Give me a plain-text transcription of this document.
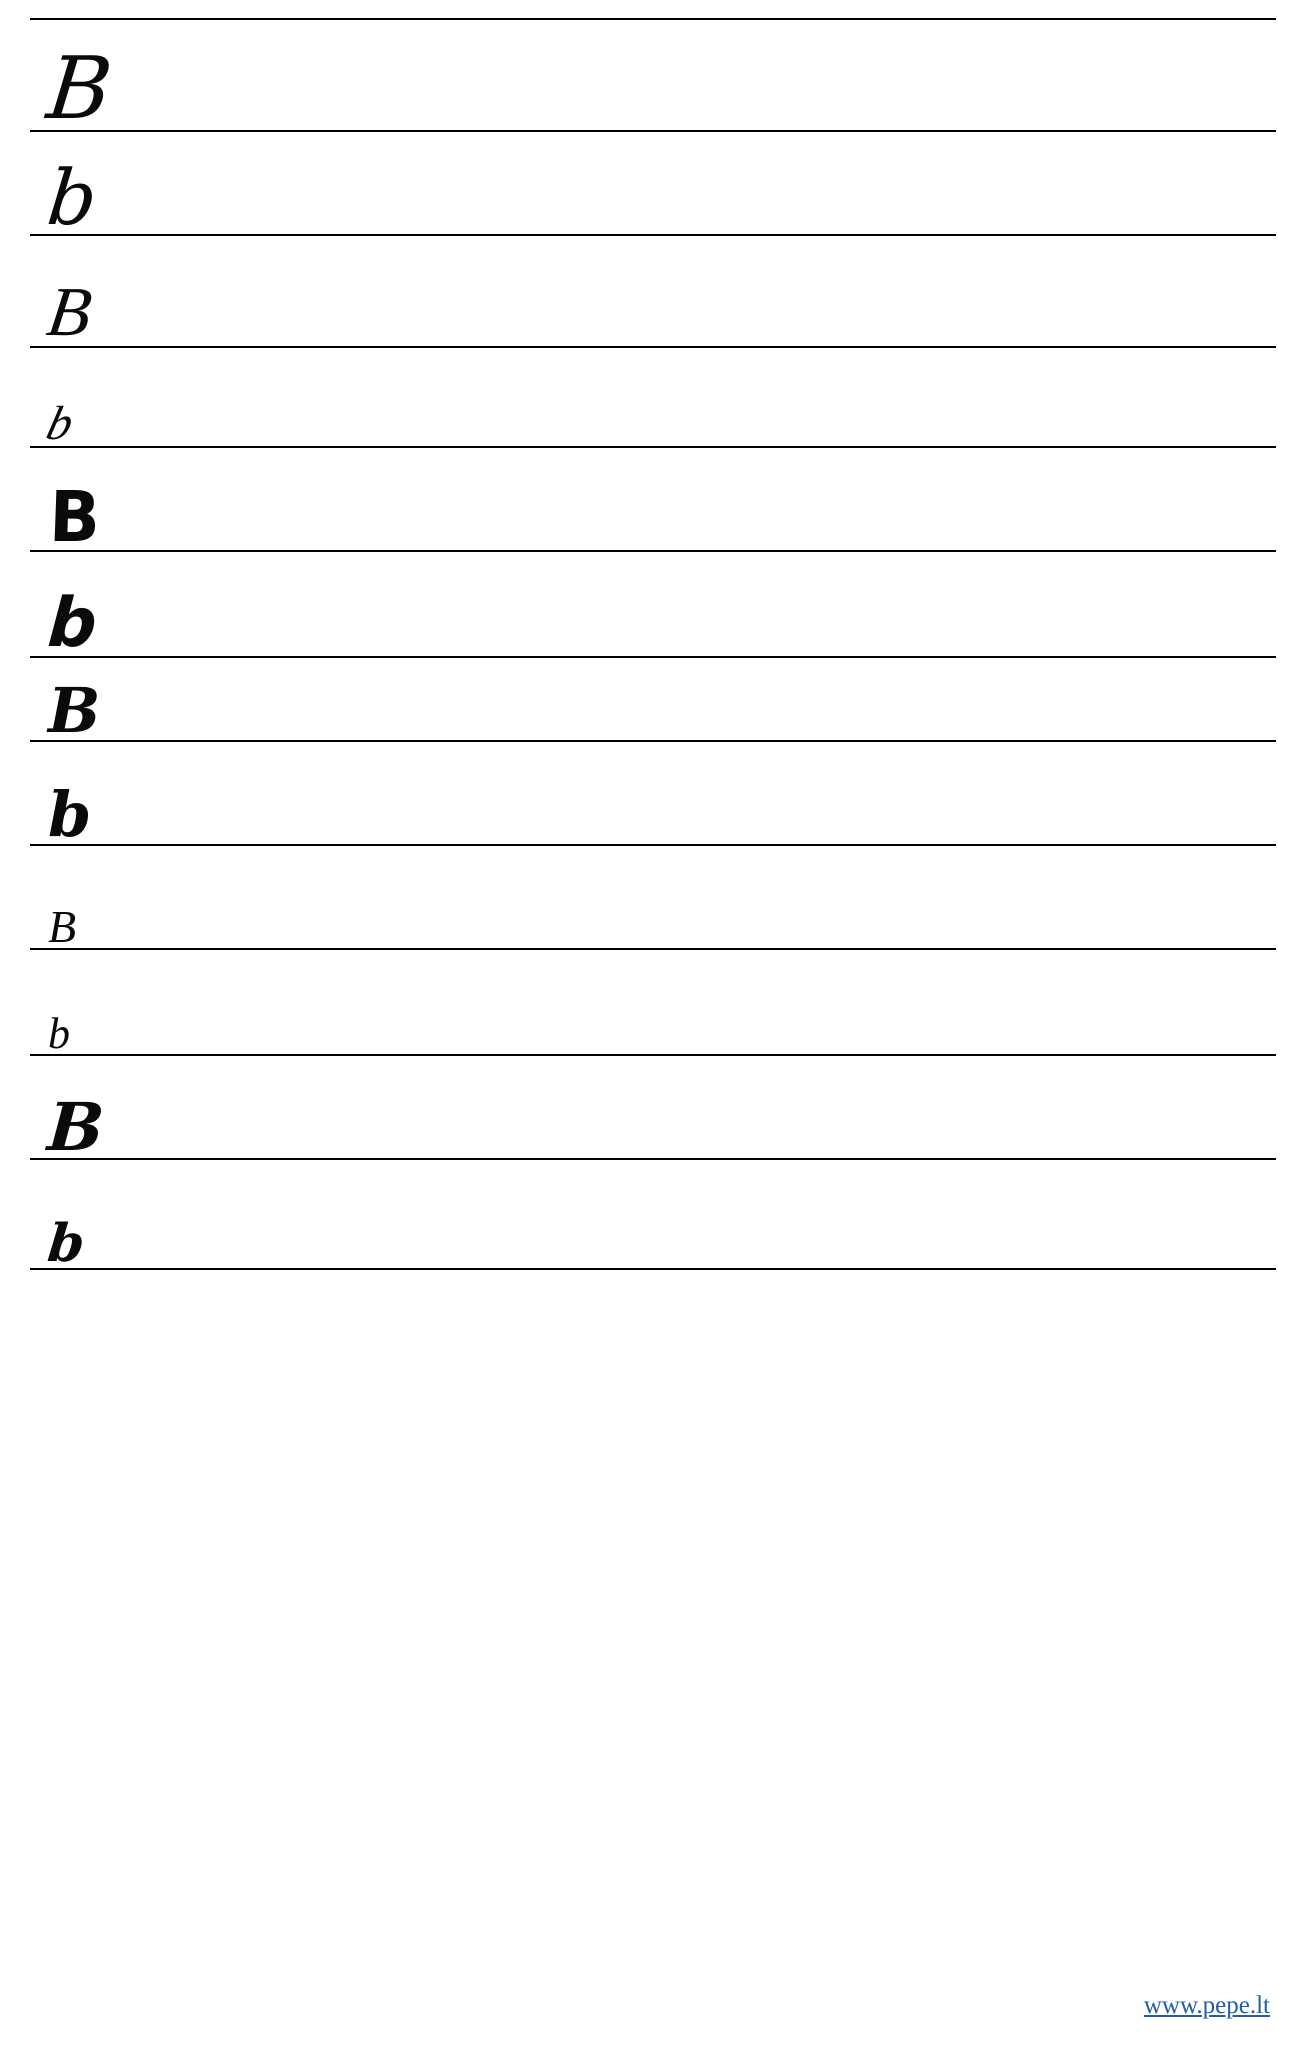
B
b
B
b
B
b
B
b
B
b
B
b
www.pepe.lt
